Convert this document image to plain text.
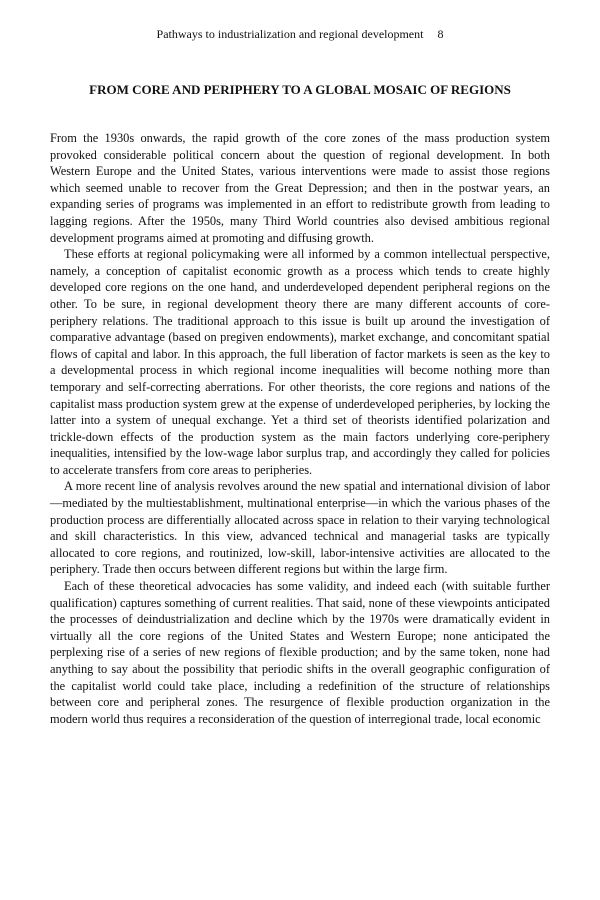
Pathways to industrialization and regional development 8
FROM CORE AND PERIPHERY TO A GLOBAL MOSAIC OF REGIONS

From the 1930s onwards, the rapid growth of the core zones of the mass production system provoked considerable political concern about the question of regional development. In both Western Europe and the United States, various interventions were made to assist those regions which seemed unable to recover from the Great Depression; and then in the postwar years, an expanding series of programs was implemented in an effort to redistribute growth from leading to lagging regions. After the 1950s, many Third World countries also devised ambitious regional development programs aimed at promoting and diffusing growth.

These efforts at regional policymaking were all informed by a common intellectual perspective, namely, a conception of capitalist economic growth as a process which tends to create highly developed core regions on the one hand, and underdeveloped dependent peripheral regions on the other. To be sure, in regional development theory there are many different accounts of core-periphery relations. The traditional approach to this issue is built up around the investigation of comparative advantage (based on pregiven endowments), market exchange, and concomitant spatial flows of capital and labor. In this approach, the full liberation of factor markets is seen as the key to a developmental process in which regional income inequalities will become nothing more than temporary and self-correcting aberrations. For other theorists, the core regions and nations of the capitalist mass production system grew at the expense of underdeveloped peripheries, by locking the latter into a system of unequal exchange. Yet a third set of theorists identified polarization and trickle-down effects of the production system as the main factors underlying core-periphery inequalities, intensified by the low-wage labor surplus trap, and accordingly they called for policies to accelerate transfers from core areas to peripheries.

A more recent line of analysis revolves around the new spatial and international division of labor—mediated by the multiestablishment, multinational enterprise—in which the various phases of the production process are differentially allocated across space in relation to their varying technological and skill characteristics. In this view, advanced technical and managerial tasks are typically allocated to core regions, and routinized, low-skill, labor-intensive activities are allocated to the periphery. Trade then occurs between different regions but within the large firm.

Each of these theoretical advocacies has some validity, and indeed each (with suitable further qualification) captures something of current realities. That said, none of these viewpoints anticipated the processes of deindustrialization and decline which by the 1970s were dramatically evident in virtually all the core regions of the United States and Western Europe; none anticipated the perplexing rise of a series of new regions of flexible production; and by the same token, none had anything to say about the possibility that periodic shifts in the overall geographic configuration of the capitalist world could take place, including a redefinition of the structure of relationships between core and peripheral zones. The resurgence of flexible production organization in the modern world thus requires a reconsideration of the question of interregional trade, local economic
